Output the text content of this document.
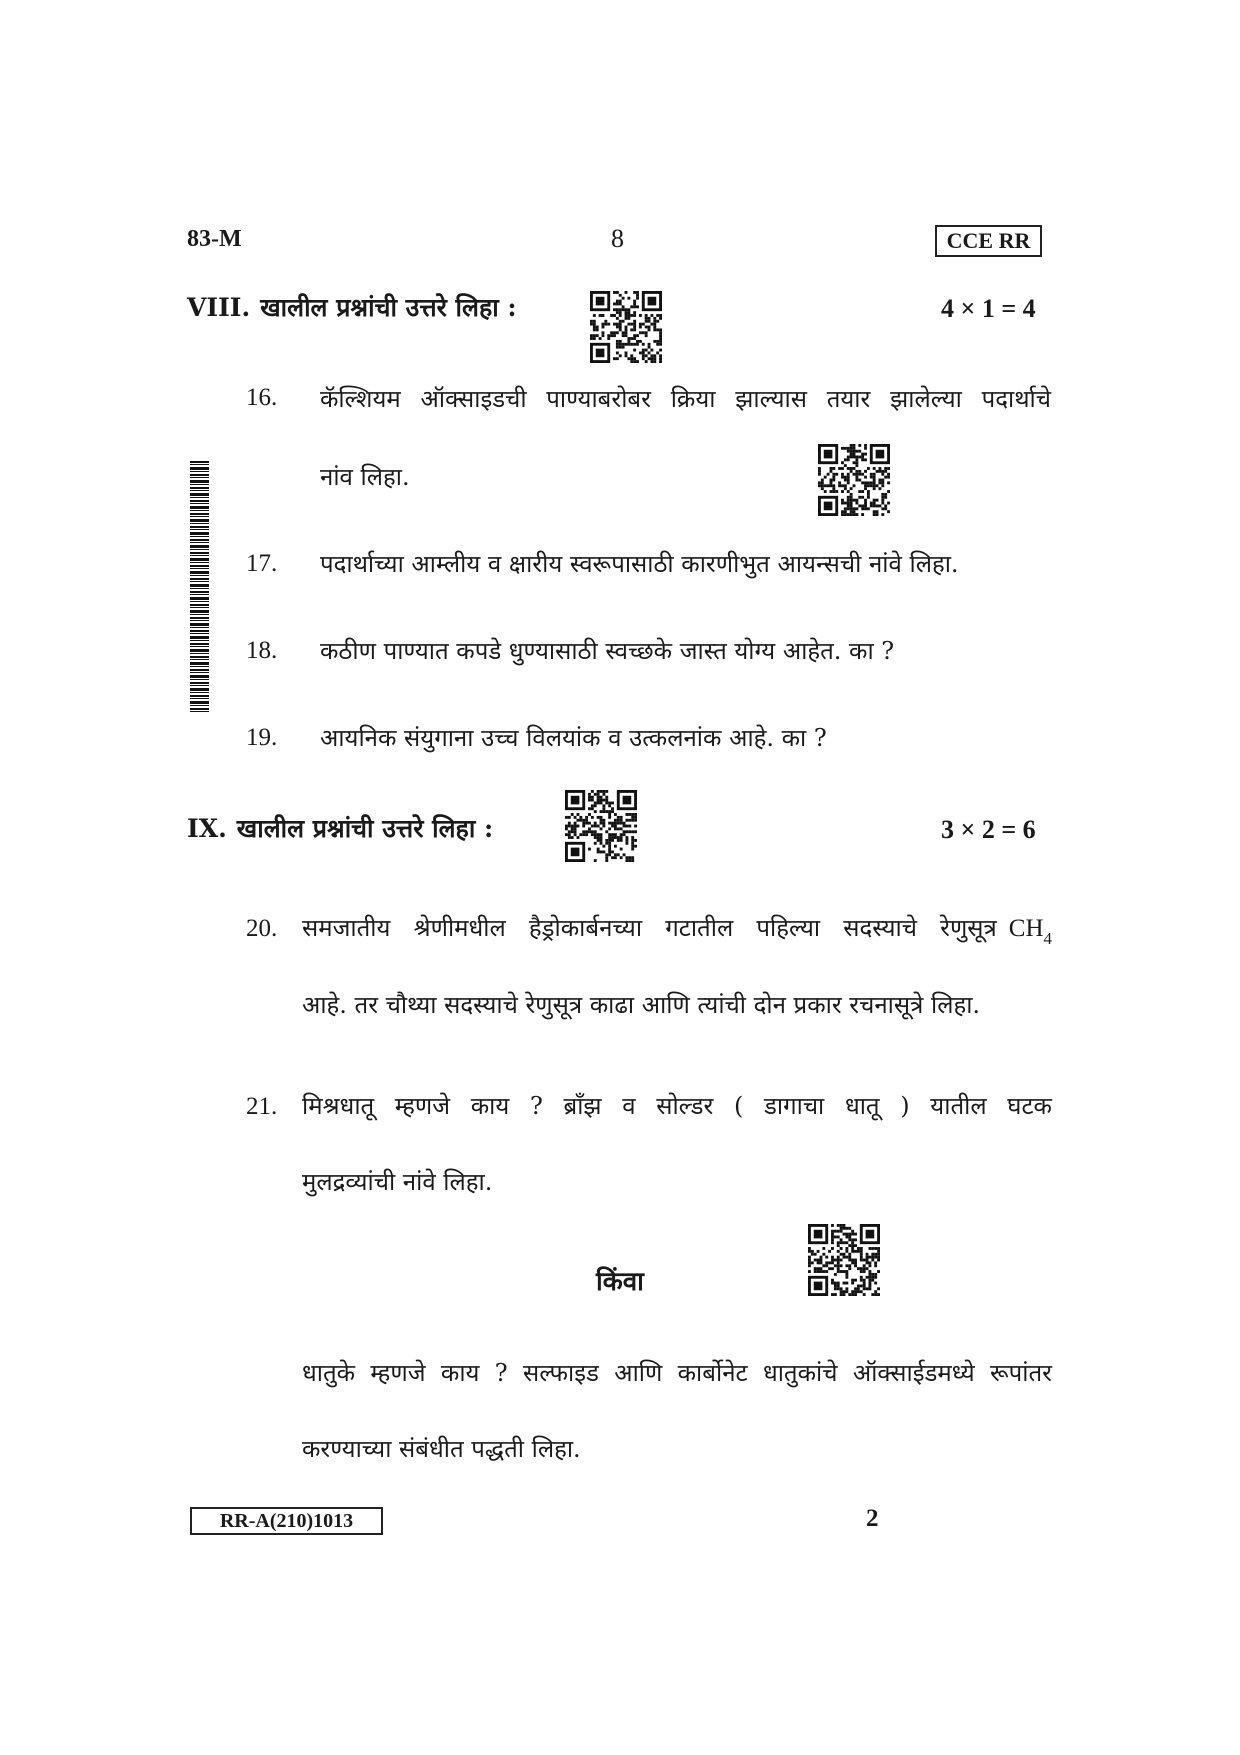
83-M	8	CCE RR
VIII. खालील प्रश्नांची उत्तरे लिहा :	4 × 1 = 4
16. कॅल्शियम ऑक्साइडची पाण्याबरोबर क्रिया झाल्यास तयार झालेल्या पदार्थाचे
नांव लिहा.
17. पदार्थाच्या आम्लीय व क्षारीय स्वरूपासाठी कारणीभुत आयन्सची नांवे लिहा.
18. कठीण पाण्यात कपडे धुण्यासाठी स्वच्छके जास्त योग्य आहेत. का ?
19. आयनिक संयुगाना उच्च विलयांक व उत्कलनांक आहे. का ?
IX. खालील प्रश्नांची उत्तरे लिहा :	3 × 2 = 6
20. समजातीय श्रेणीमधील हैड्रोकार्बनच्या गटातील पहिल्या सदस्याचे रेणुसूत्र $CH_4$
आहे. तर चौथ्या सदस्याचे रेणुसूत्र काढा आणि त्यांची दोन प्रकार रचनासूत्रे लिहा.
21. मिश्रधातू म्हणजे काय ? ब्राँझ व सोल्डर ( डागाचा धातू ) यातील घटक
मुलद्रव्यांची नांवे लिहा.
किंवा
धातुके म्हणजे काय ? सल्फाइड आणि कार्बोनेट धातुकांचे ऑक्साईडमध्ये रूपांतर
करण्याच्या संबंधीत पद्धती लिहा.
RR-A(210)1013	2
